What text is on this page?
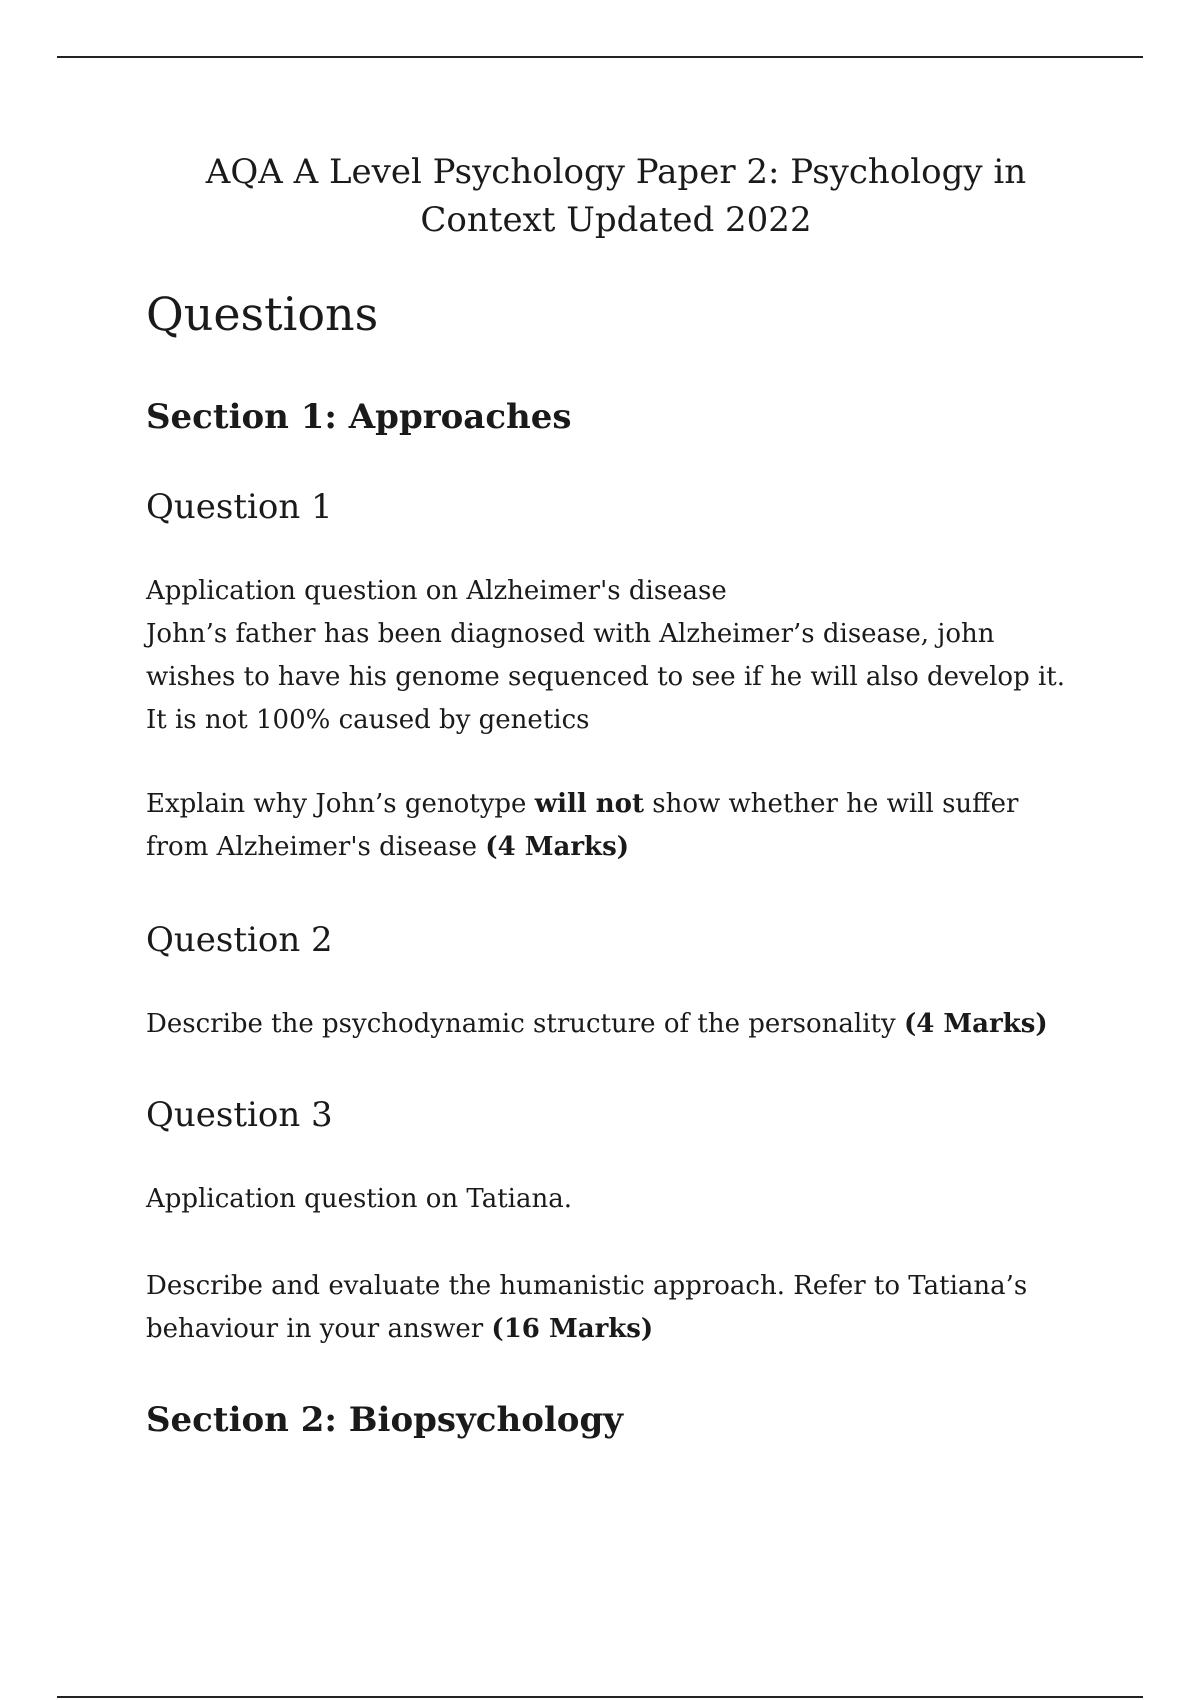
AQA A Level Psychology Paper 2: Psychology in
Context Updated 2022
Questions
Section 1: Approaches
Question 1

Application question on Alzheimer's disease
John’s father has been diagnosed with Alzheimer’s disease, john
wishes to have his genome sequenced to see if he will also develop it.
It is not 100% caused by genetics

Explain why John’s genotype will not show whether he will suffer
from Alzheimer's disease (4 Marks)

Question 2

Describe the psychodynamic structure of the personality (4 Marks)

Question 3

Application question on Tatiana.

Describe and evaluate the humanistic approach. Refer to Tatiana’s
behaviour in your answer (16 Marks)

Section 2: Biopsychology
